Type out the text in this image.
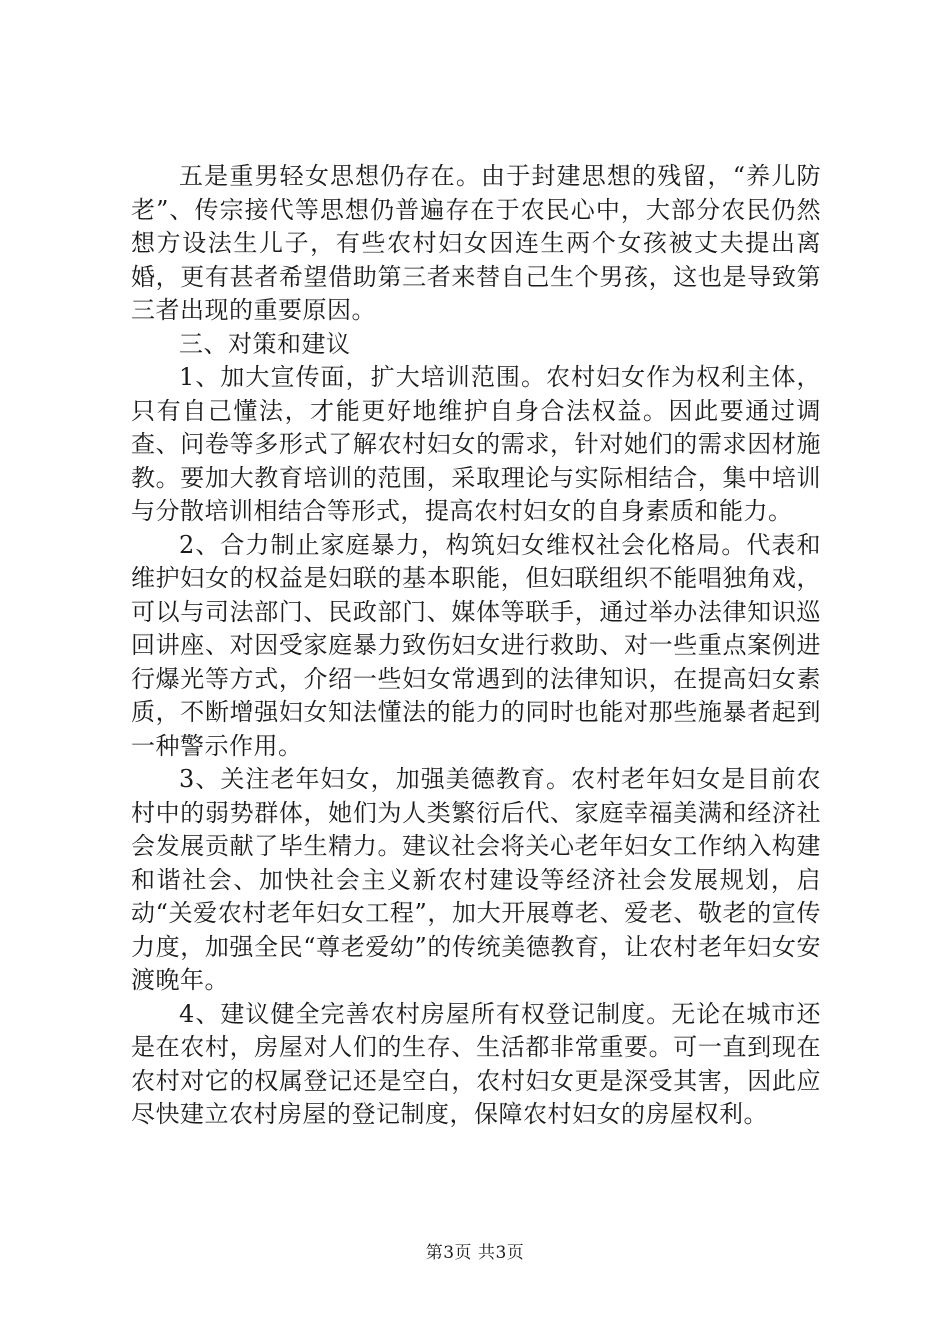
五是重男轻女思想仍存在。由于封建思想的残留，“养儿防老”、传宗接代等思想仍普遍存在于农民心中，大部分农民仍然想方设法生儿子，有些农村妇女因连生两个女孩被丈夫提出离婚，更有甚者希望借助第三者来替自己生个男孩，这也是导致第三者出现的重要原因。

三、对策和建议

1、加大宣传面，扩大培训范围。农村妇女作为权利主体，只有自己懂法，才能更好地维护自身合法权益。因此要通过调查、问卷等多形式了解农村妇女的需求，针对她们的需求因材施教。要加大教育培训的范围，采取理论与实际相结合，集中培训与分散培训相结合等形式，提高农村妇女的自身素质和能力。

2、合力制止家庭暴力，构筑妇女维权社会化格局。代表和维护妇女的权益是妇联的基本职能，但妇联组织不能唱独角戏，可以与司法部门、民政部门、媒体等联手，通过举办法律知识巡回讲座、对因受家庭暴力致伤妇女进行救助、对一些重点案例进行爆光等方式，介绍一些妇女常遇到的法律知识，在提高妇女素质，不断增强妇女知法懂法的能力的同时也能对那些施暴者起到一种警示作用。

3、关注老年妇女，加强美德教育。农村老年妇女是目前农村中的弱势群体，她们为人类繁衍后代、家庭幸福美满和经济社会发展贡献了毕生精力。建议社会将关心老年妇女工作纳入构建和谐社会、加快社会主义新农村建设等经济社会发展规划，启动“关爱农村老年妇女工程”，加大开展尊老、爱老、敬老的宣传力度，加强全民“尊老爱幼”的传统美德教育，让农村老年妇女安渡晚年。

4、建议健全完善农村房屋所有权登记制度。无论在城市还是在农村，房屋对人们的生存、生活都非常重要。可一直到现在农村对它的权属登记还是空白，农村妇女更是深受其害，因此应尽快建立农村房屋的登记制度，保障农村妇女的房屋权利。

第3页 共3页
